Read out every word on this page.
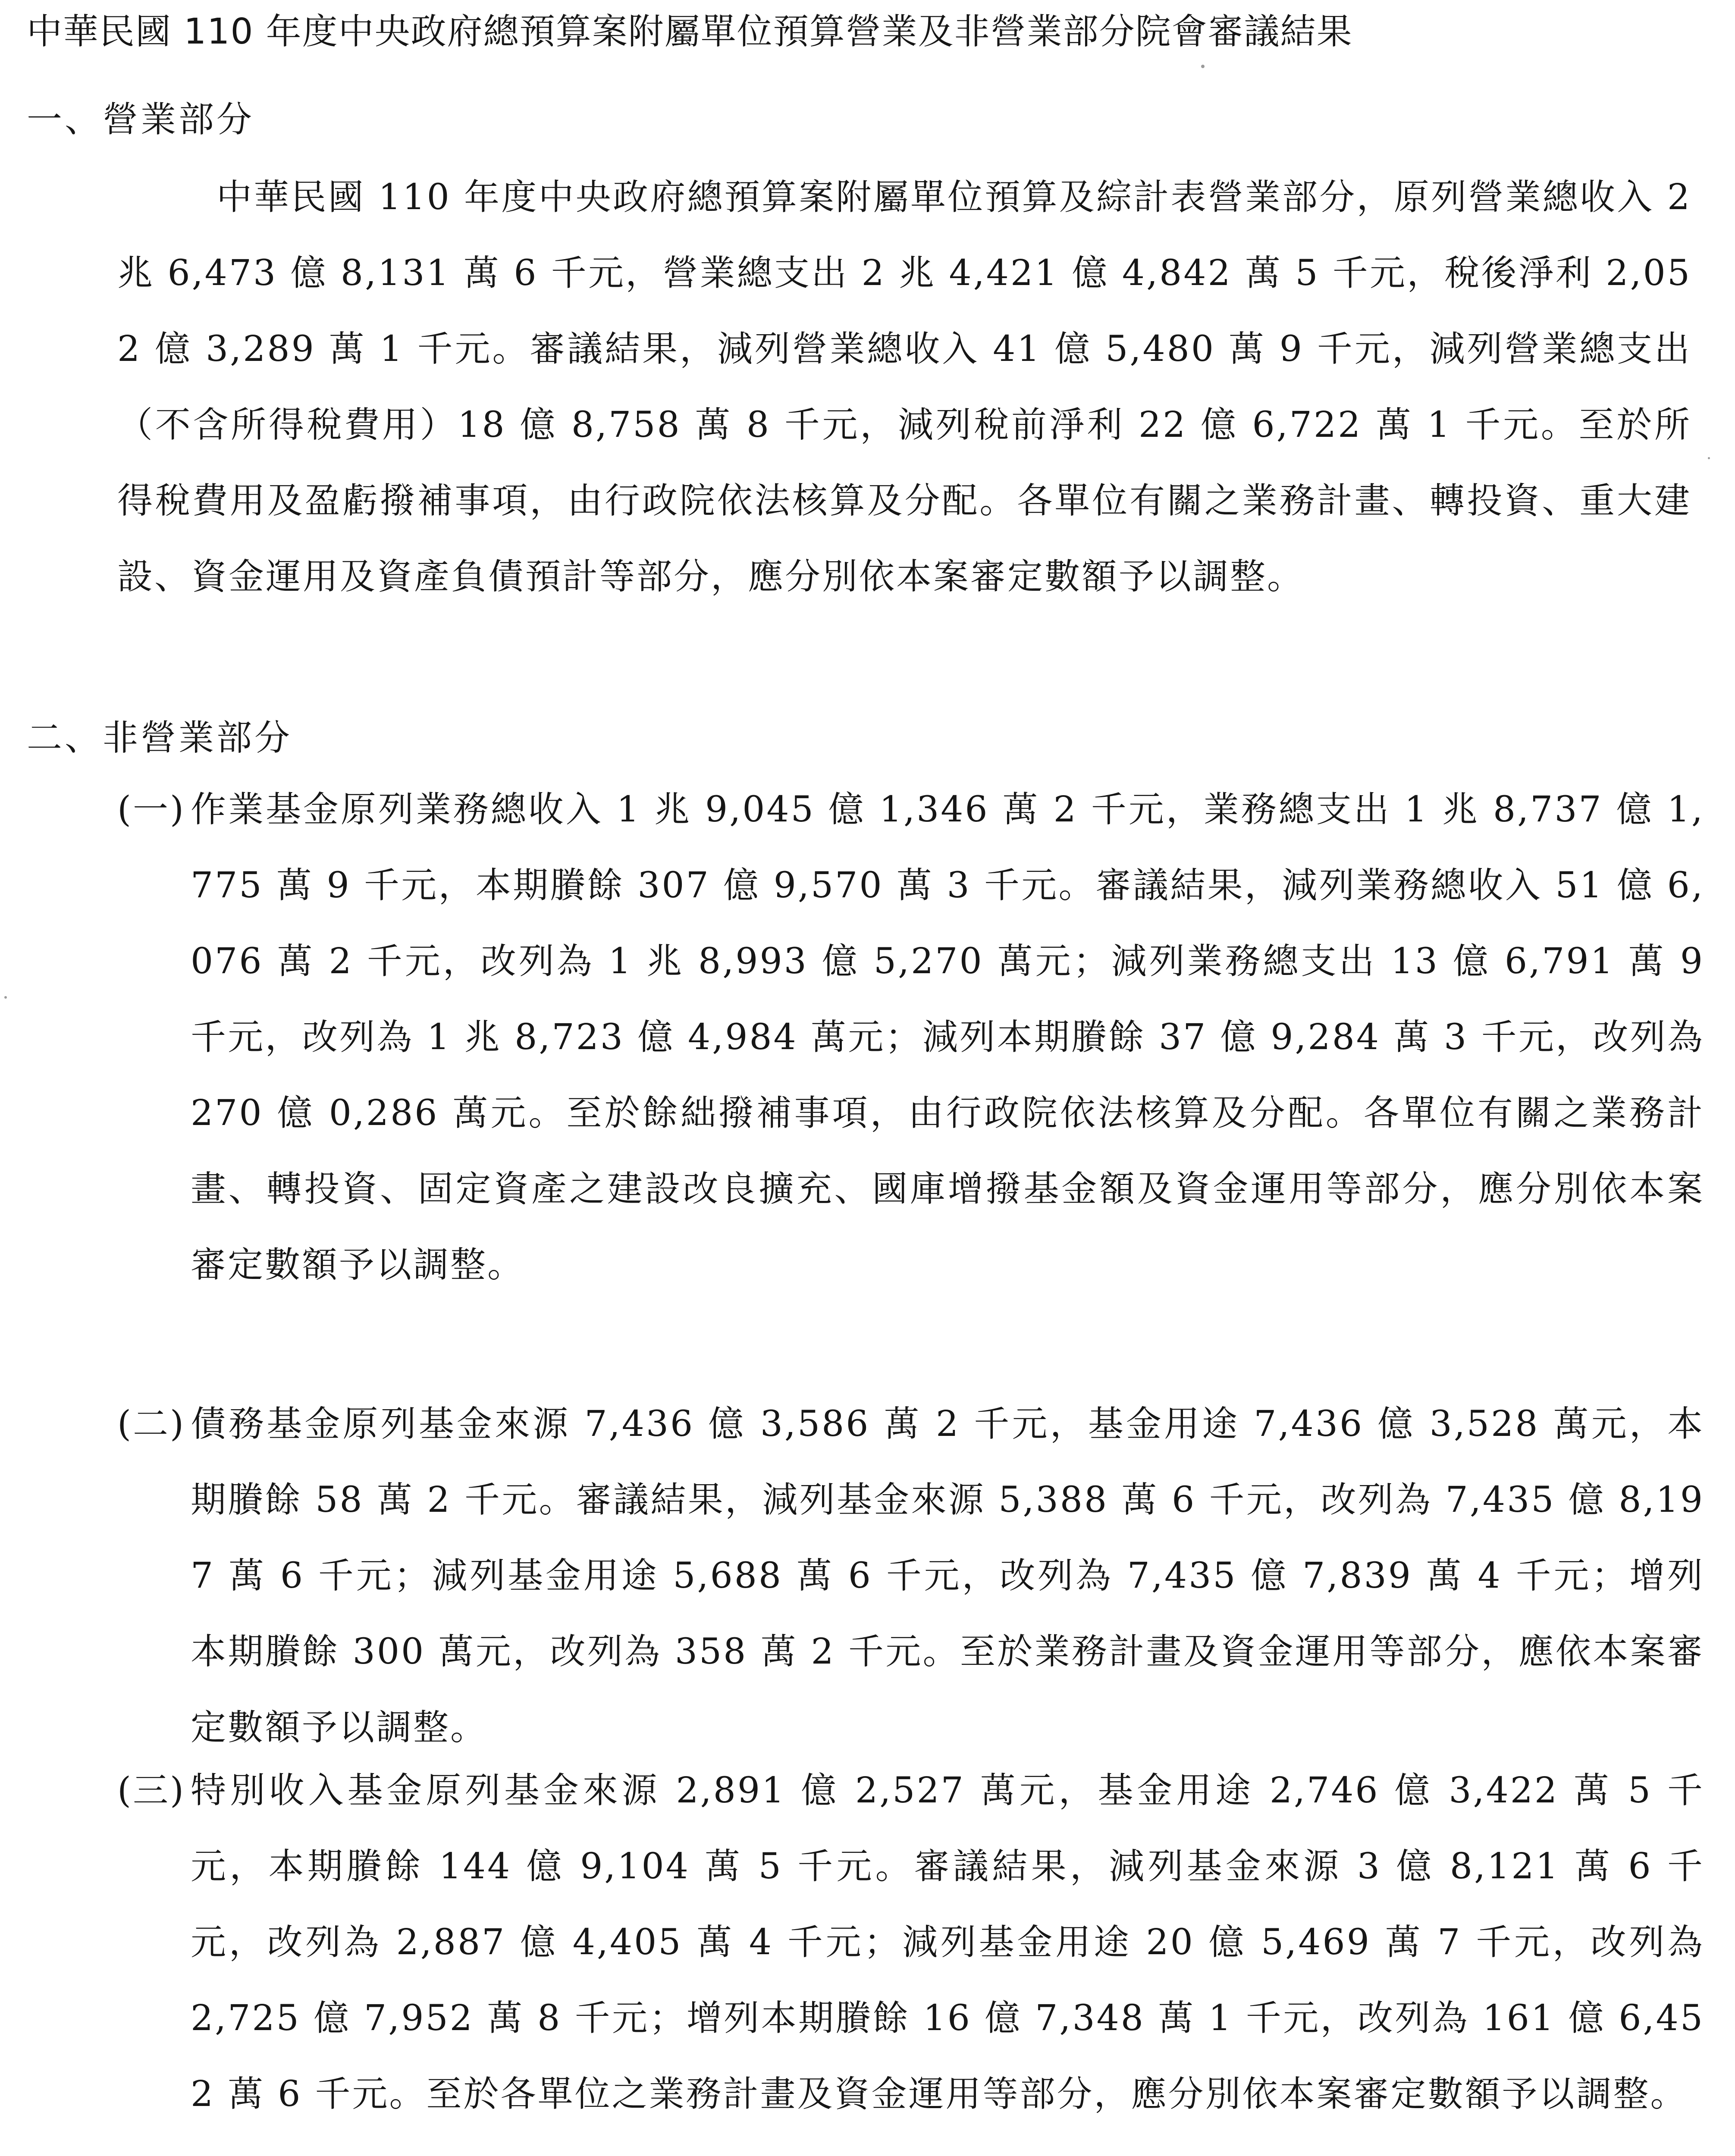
中華民國 110 年度中央政府總預算案附屬單位預算營業及非營業部分院會審議結果
一、營業部分
中華民國 110 年度中央政府總預算案附屬單位預算及綜計表營業部分，原列營業總收入 2 兆 6,473 億 8,131 萬 6 千元，營業總支出 2 兆 4,421 億 4,842 萬 5 千元，稅後淨利 2,052 億 3,289 萬 1 千元。審議結果，減列營業總收入 41 億 5,480 萬 9 千元，減列營業總支出（不含所得稅費用）18 億 8,758 萬 8 千元，減列稅前淨利 22 億 6,722 萬 1 千元。至於所得稅費用及盈虧撥補事項，由行政院依法核算及分配。各單位有關之業務計畫、轉投資、重大建設、資金運用及資產負債預計等部分，應分別依本案審定數額予以調整。
二、非營業部分
(一) 作業基金原列業務總收入 1 兆 9,045 億 1,346 萬 2 千元，業務總支出 1 兆 8,737 億 1,775 萬 9 千元，本期賸餘 307 億 9,570 萬 3 千元。審議結果，減列業務總收入 51 億 6,076 萬 2 千元，改列為 1 兆 8,993 億 5,270 萬元；減列業務總支出 13 億 6,791 萬 9 千元，改列為 1 兆 8,723 億 4,984 萬元；減列本期賸餘 37 億 9,284 萬 3 千元，改列為 270 億 0,286 萬元。至於餘絀撥補事項，由行政院依法核算及分配。各單位有關之業務計畫、轉投資、固定資產之建設改良擴充、國庫增撥基金額及資金運用等部分，應分別依本案審定數額予以調整。
(二) 債務基金原列基金來源 7,436 億 3,586 萬 2 千元，基金用途 7,436 億 3,528 萬元，本期賸餘 58 萬 2 千元。審議結果，減列基金來源 5,388 萬 6 千元，改列為 7,435 億 8,197 萬 6 千元；減列基金用途 5,688 萬 6 千元，改列為 7,435 億 7,839 萬 4 千元；增列本期賸餘 300 萬元，改列為 358 萬 2 千元。至於業務計畫及資金運用等部分，應依本案審定數額予以調整。
(三) 特別收入基金原列基金來源 2,891 億 2,527 萬元，基金用途 2,746 億 3,422 萬 5 千元，本期賸餘 144 億 9,104 萬 5 千元。審議結果，減列基金來源 3 億 8,121 萬 6 千元，改列為 2,887 億 4,405 萬 4 千元；減列基金用途 20 億 5,469 萬 7 千元，改列為 2,725 億 7,952 萬 8 千元；增列本期賸餘 16 億 7,348 萬 1 千元，改列為 161 億 6,452 萬 6 千元。至於各單位之業務計畫及資金運用等部分，應分別依本案審定數額予以調整。
